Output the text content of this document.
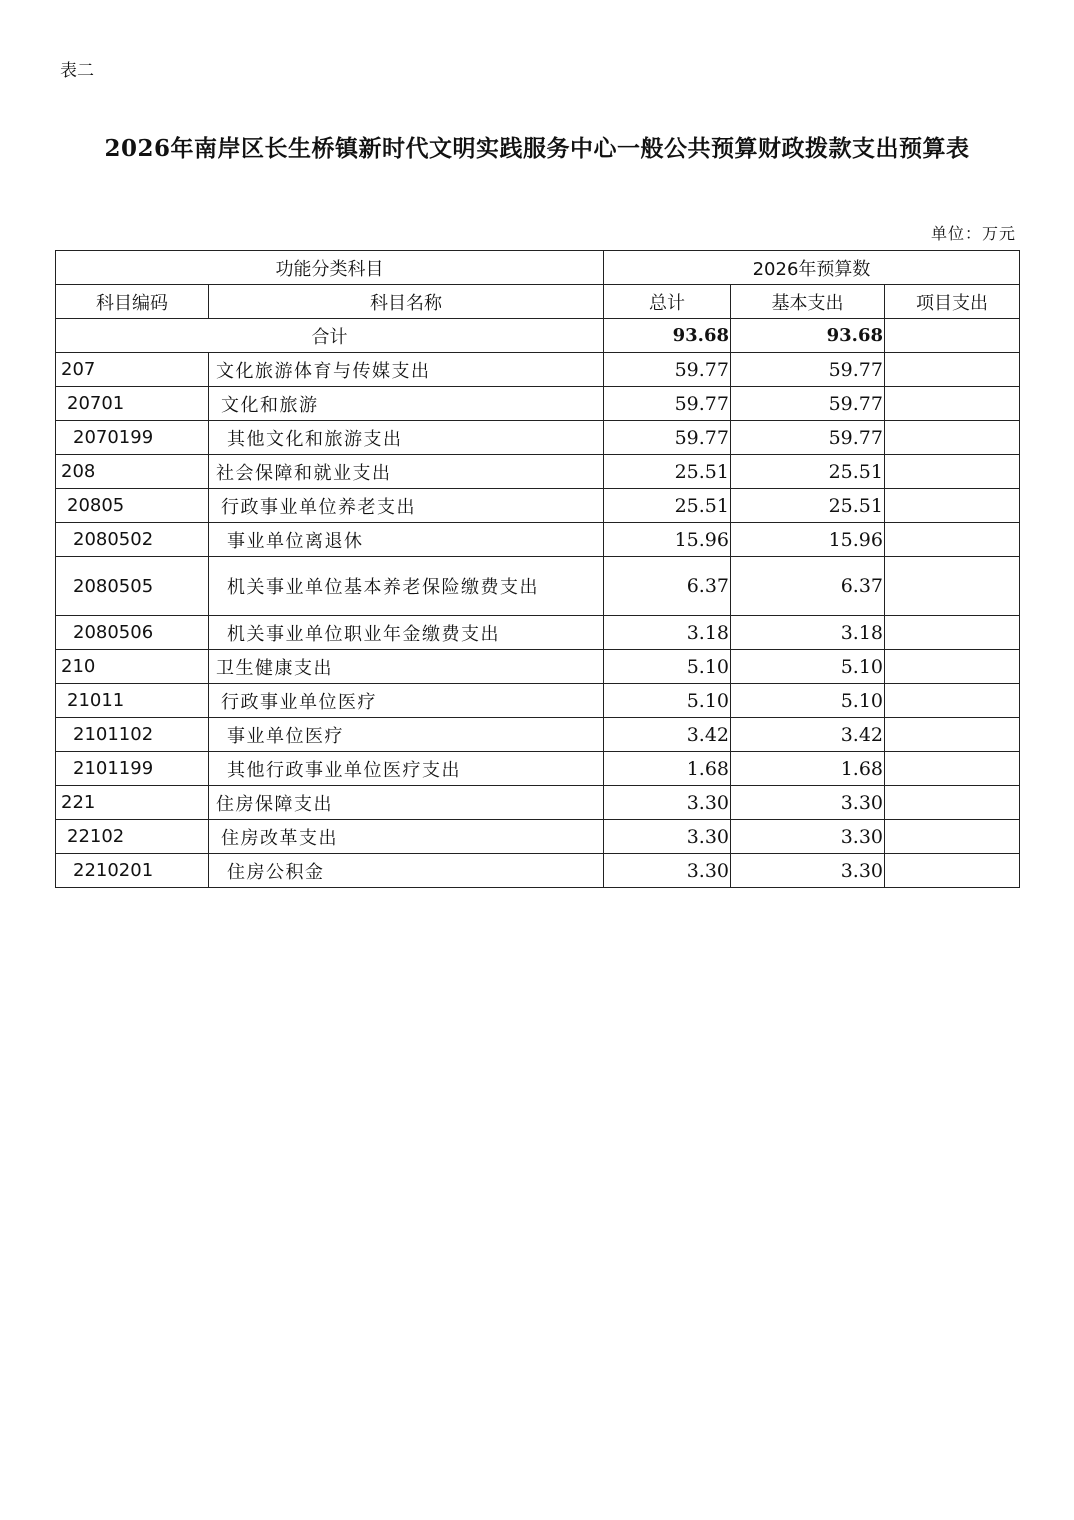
表二
2026年南岸区长生桥镇新时代文明实践服务中心一般公共预算财政拨款支出预算表
单位：万元
功能分类科目		2026年预算数		
科目编码	科目名称	总计	基本支出	项目支出
合计		93.68	93.68	
207	文化旅游体育与传媒支出	59.77	59.77	
20701	文化和旅游	59.77	59.77	
2070199	其他文化和旅游支出	59.77	59.77	
208	社会保障和就业支出	25.51	25.51	
20805	行政事业单位养老支出	25.51	25.51	
2080502	事业单位离退休	15.96	15.96	
2080505	机关事业单位基本养老保险缴费支出	6.37	6.37	
2080506	机关事业单位职业年金缴费支出	3.18	3.18	
210	卫生健康支出	5.10	5.10	
21011	行政事业单位医疗	5.10	5.10	
2101102	事业单位医疗	3.42	3.42	
2101199	其他行政事业单位医疗支出	1.68	1.68	
221	住房保障支出	3.30	3.30	
22102	住房改革支出	3.30	3.30	
2210201	住房公积金	3.30	3.30	
